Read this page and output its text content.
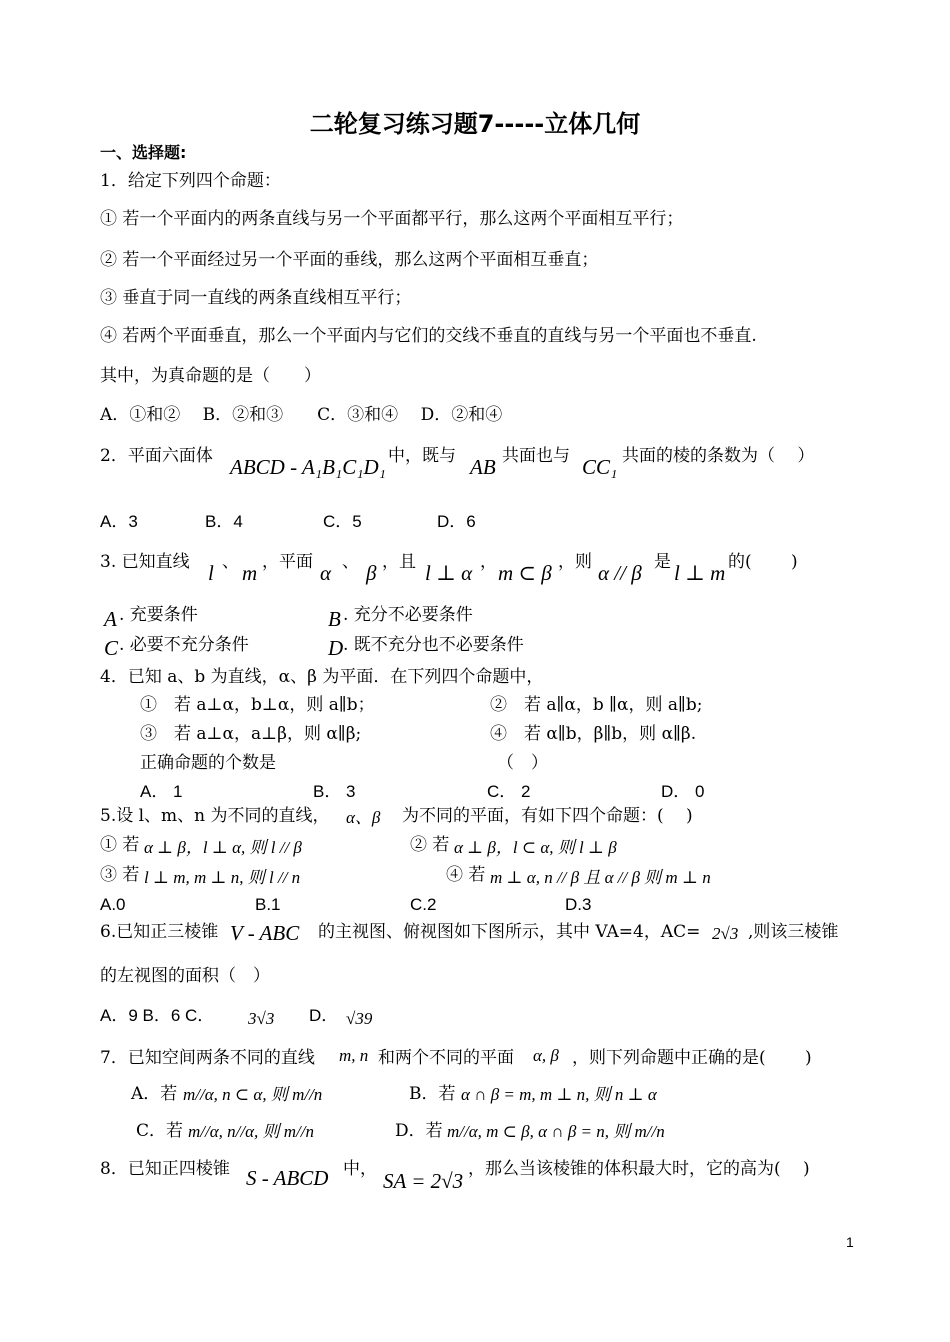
二轮复习练习题7-----立体几何
一、选择题:
1．给定下列四个命题：
① 若一个平面内的两条直线与另一个平面都平行，那么这两个平面相互平行；
② 若一个平面经过另一个平面的垂线，那么这两个平面相互垂直；
③ 垂直于同一直线的两条直线相互平行；
④ 若两个平面垂直，那么一个平面内与它们的交线不垂直的直线与另一个平面也不垂直.
其中，为真命题的是（　　）
A．①和②　 B．②和③　　C．③和④　 D．②和④
2．平面六面体 ABCD - A₁B₁C₁D₁ 中，既与 AB 共面也与 CC₁ 共面的棱的条数为（　 ）
A．3	B．4	C．5	D．6
3. 已知直线 l 、 m ，平面 α 、 β ，且 l ⊥ α ， m ⊂ β ，则 α // β 是 l ⊥ m 的(　　 )
A . 充要条件	B . 充分不必要条件
C . 必要不充分条件	D . 既不充分也不必要条件
4．已知 a、b 为直线，α、β 为平面．在下列四个命题中，
①　若 a⊥α，b⊥α，则 a∥b；	②　若 a∥α，b ∥α，则 a∥b;
③　若 a⊥α，a⊥β，则 α∥β;	④　若 α∥b，β∥b，则 α∥β.
正确命题的个数是	（　）
A． 1	B． 3	C． 2	D． 0
5.设 l、m、n 为不同的直线， α、β 为不同的平面，有如下四个命题：(　 )
① 若 α ⊥ β，l ⊥ α, 则 l // β	② 若 α ⊥ β，l ⊂ α, 则 l ⊥ β
③ 若 l ⊥ m, m ⊥ n, 则 l // n	④ 若 m ⊥ α, n // β 且 α // β 则 m ⊥ n
A.0	B.1	C.2	D.3
6.已知正三棱锥 V - ABC 的主视图、俯视图如下图所示，其中 VA=4，AC= 2√3 ,则该三棱锥
的左视图的面积（　）
A．9 B．6 C． 3√3 D． √39
7．已知空间两条不同的直线 m, n 和两个不同的平面 α, β ，则下列命题中正确的是(　　 )
A．若 m//α, n ⊂ α, 则 m//n	B．若 α ∩ β = m, m ⊥ n, 则 n ⊥ α
C．若 m//α, n//α, 则 m//n	D．若 m//α, m ⊂ β, α ∩ β = n, 则 m//n
8．已知正四棱锥 S - ABCD 中， SA = 2√3 ，那么当该棱锥的体积最大时，它的高为(　 )
1
